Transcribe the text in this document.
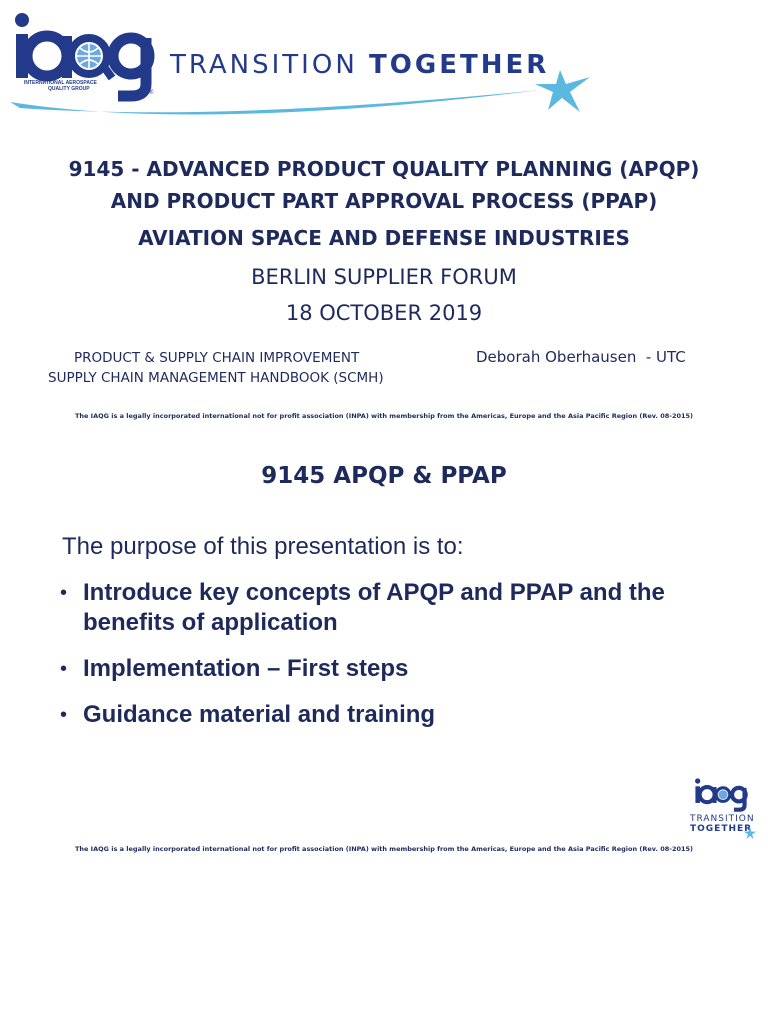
®
INTERNATIONAL AEROSPACE
QUALITY GROUP
TRANSITION TOGETHER
9145 - ADVANCED PRODUCT QUALITY PLANNING (APQP)
AND PRODUCT PART APPROVAL PROCESS (PPAP)
AVIATION SPACE AND DEFENSE INDUSTRIES
BERLIN SUPPLIER FORUM
18 OCTOBER 2019
PRODUCT & SUPPLY CHAIN IMPROVEMENT
SUPPLY CHAIN MANAGEMENT HANDBOOK (SCMH)
Deborah Oberhausen  - UTC
The IAQG is a legally incorporated international not for profit association (INPA) with membership from the Americas, Europe and the Asia Pacific Region (Rev. 08-2015)
9145 APQP & PPAP
The purpose of this presentation is to:
• Introduce key concepts of APQP and PPAP and the benefits of application
• Implementation – First steps
• Guidance material and training
TRANSITION
TOGETHER
The IAQG is a legally incorporated international not for profit association (INPA) with membership from the Americas, Europe and the Asia Pacific Region (Rev. 08-2015)
